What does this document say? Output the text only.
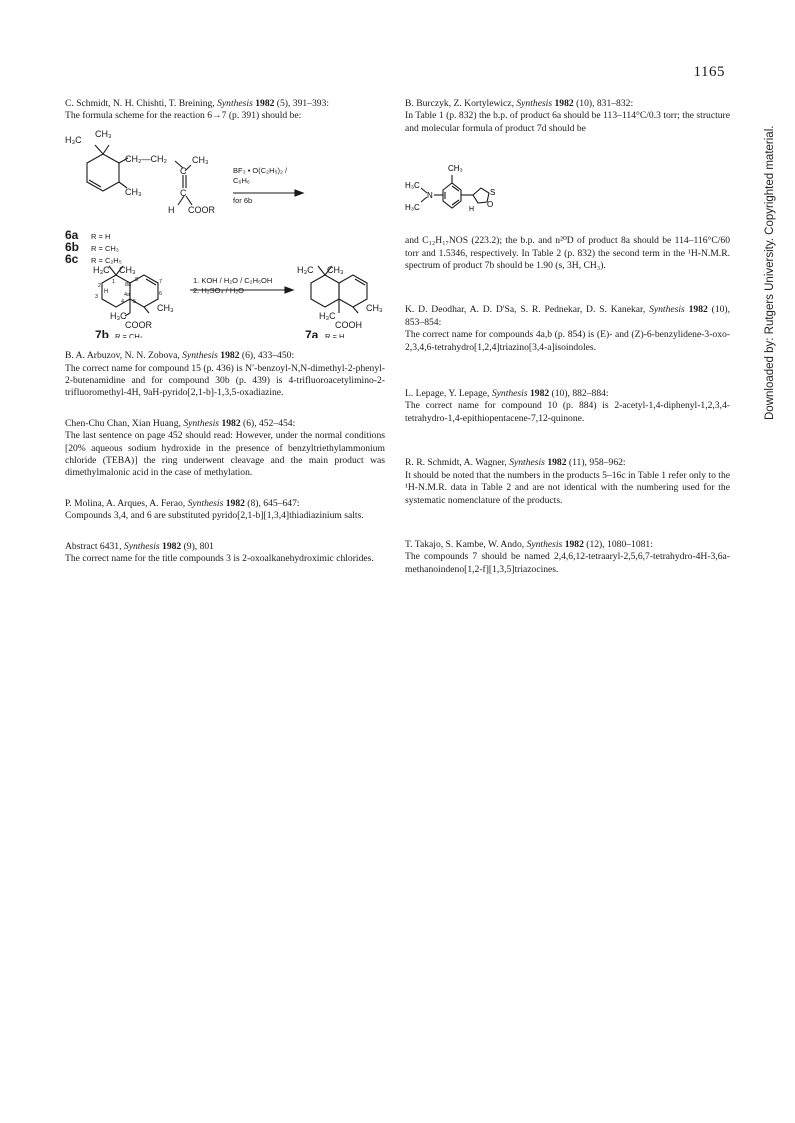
1165

C. Schmidt, N. H. Chishti, T. Breining, Synthesis 1982 (5), 391–393:

The formula scheme for the reaction 6→7 (p. 391) should be:

H₃C
CH₃
CH₂—CH₂	CH₃
C
C
CH₃
H COOR
BF₃ • O(C₂H₅)₂ /
C₆H₆
for 6b
6a R = H
6b R = CH₃
6c R = C₂H₅
H₃C CH₃
CH₃
H₃C
COOR
2
3
1
4
8a
4a
5
6
7
8
H
1. KOH / H₂O / C₂H₅OH
2. H₂SO₄ / H₂O
H₃C CH₃
CH₃
H₃C
COOH
7b R = CH₃	7a R = H

B. A. Arbuzov, N. N. Zobova, Synthesis 1982 (6), 433–450:

The correct name for compound 15 (p. 436) is N′-benzoyl-N,N-dimethyl-2-phenyl-2-butenamidine and for compound 30b (p. 439) is 4-trifluoroacetylimino-2-trifluoromethyl-4H, 9aH-pyrido[2,1-b]-1,3,5-oxadiazine.

Chen-Chu Chan, Xian Huang, Synthesis 1982 (6), 452–454:

The last sentence on page 452 should read: However, under the normal conditions [20% aqueous sodium hydroxide in the presence of benzyltriethylammonium chloride (TEBA)] the ring underwent cleavage and the main product was dimethylmalonic acid in the case of methylation.

P. Molina, A. Arques, A. Ferao, Synthesis 1982 (8), 645–647:

Compounds 3,4, and 6 are substituted pyrido[2,1-b][1,3,4]thiadiazinium salts.

Abstract 6431, Synthesis 1982 (9), 801

The correct name for the title compounds 3 is 2-oxoalkanehydroximic chlorides.

B. Burczyk, Z. Kortylewicz, Synthesis 1982 (10), 831–832:

In Table 1 (p. 832) the b.p. of product 6a should be 113–114°C/0.3 torr; the structure and molecular formula of product 7d should be

CH₃
H₃C
N
H₃C
S
O
H

and C₁₂H₁₇NOS (223.2); the b.p. and n²⁰D of product 8a should be 114–116°C/60 torr and 1.5346, respectively. In Table 2 (p. 832) the second term in the ¹H-N.M.R. spectrum of product 7b should be 1.90 (s, 3H, CH₃).

K. D. Deodhar, A. D. D'Sa, S. R. Pednekar, D. S. Kanekar, Synthesis 1982 (10), 853–854:

The correct name for compounds 4a,b (p. 854) is (E)- and (Z)-6-benzylidene-3-oxo-2,3,4,6-tetrahydro[1,2,4]triazino[3,4-a]isoindoles.

L. Lepage, Y. Lepage, Synthesis 1982 (10), 882–884:

The correct name for compound 10 (p. 884) is 2-acetyl-1,4-diphenyl-1,2,3,4-tetrahydro-1,4-epithiopentacene-7,12-quinone.

R. R. Schmidt, A. Wagner, Synthesis 1982 (11), 958–962:

It should be noted that the numbers in the products 5–16c in Table 1 refer only to the ¹H-N.M.R. data in Table 2 and are not identical with the numbering used for the systematic nomenclature of the products.

T. Takajo, S. Kambe, W. Ando, Synthesis 1982 (12), 1080–1081:

The compounds 7 should be named 2,4,6,12-tetraaryl-2,5,6,7-tetrahydro-4H-3,6a-methanoindeno[1,2-f][1,3,5]triazocines.

Downloaded by: Rutgers University. Copyrighted material.
